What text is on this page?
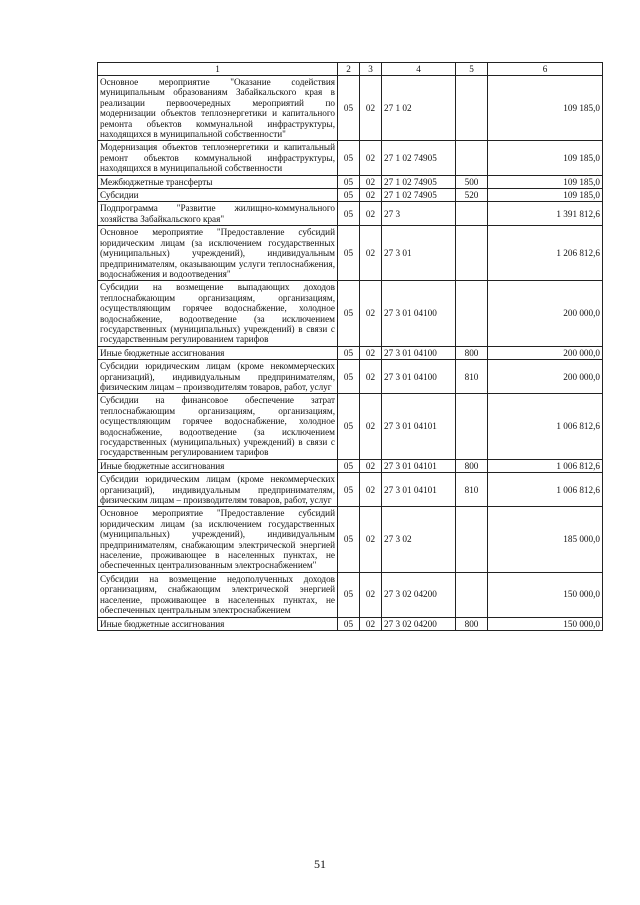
1	2	3	4	5	6
Основное мероприятие "Оказание содействия муниципальным образованиям Забайкальского края в реализации первоочередных мероприятий по модернизации объектов теплоэнергетики и капитального ремонта объектов коммунальной инфраструктуры, находящихся в муниципальной собственности"	05	02	27 1 02		109 185,0
Модернизация объектов теплоэнергетики и капитальный ремонт объектов коммунальной инфраструктуры, находящихся в муниципальной собственности	05	02	27 1 02 74905		109 185,0
Межбюджетные трансферты	05	02	27 1 02 74905	500	109 185,0
Субсидии	05	02	27 1 02 74905	520	109 185,0
Подпрограмма "Развитие жилищно-коммунального хозяйства Забайкальского края"	05	02	27 3		1 391 812,6
Основное мероприятие "Предоставление субсидий юридическим лицам (за исключением государственных (муниципальных) учреждений), индивидуальным предпринимателям, оказывающим услуги теплоснабжения, водоснабжения и водоотведения"	05	02	27 3 01		1 206 812,6
Субсидии на возмещение выпадающих доходов теплоснабжающим организациям, организациям, осуществляющим горячее водоснабжение, холодное водоснабжение, водоотведение (за исключением государственных (муниципальных) учреждений) в связи с государственным регулированием тарифов	05	02	27 3 01 04100		200 000,0
Иные бюджетные ассигнования	05	02	27 3 01 04100	800	200 000,0
Субсидии юридическим лицам (кроме некоммерческих организаций), индивидуальным предпринимателям, физическим лицам – производителям товаров, работ, услуг	05	02	27 3 01 04100	810	200 000,0
Субсидии на финансовое обеспечение затрат теплоснабжающим организациям, организациям, осуществляющим горячее водоснабжение, холодное водоснабжение, водоотведение (за исключением государственных (муниципальных) учреждений) в связи с государственным регулированием тарифов	05	02	27 3 01 04101		1 006 812,6
Иные бюджетные ассигнования	05	02	27 3 01 04101	800	1 006 812,6
Субсидии юридическим лицам (кроме некоммерческих организаций), индивидуальным предпринимателям, физическим лицам – производителям товаров, работ, услуг	05	02	27 3 01 04101	810	1 006 812,6
Основное мероприятие "Предоставление субсидий юридическим лицам (за исключением государственных (муниципальных) учреждений), индивидуальным предпринимателям, снабжающим электрической энергией население, проживающее в населенных пунктах, не обеспеченных централизованным электроснабжением"	05	02	27 3 02		185 000,0
Субсидии на возмещение недополученных доходов организациям, снабжающим электрической энергией население, проживающее в населенных пунктах, не обеспеченных центральным электроснабжением	05	02	27 3 02 04200		150 000,0
Иные бюджетные ассигнования	05	02	27 3 02 04200	800	150 000,0
51
